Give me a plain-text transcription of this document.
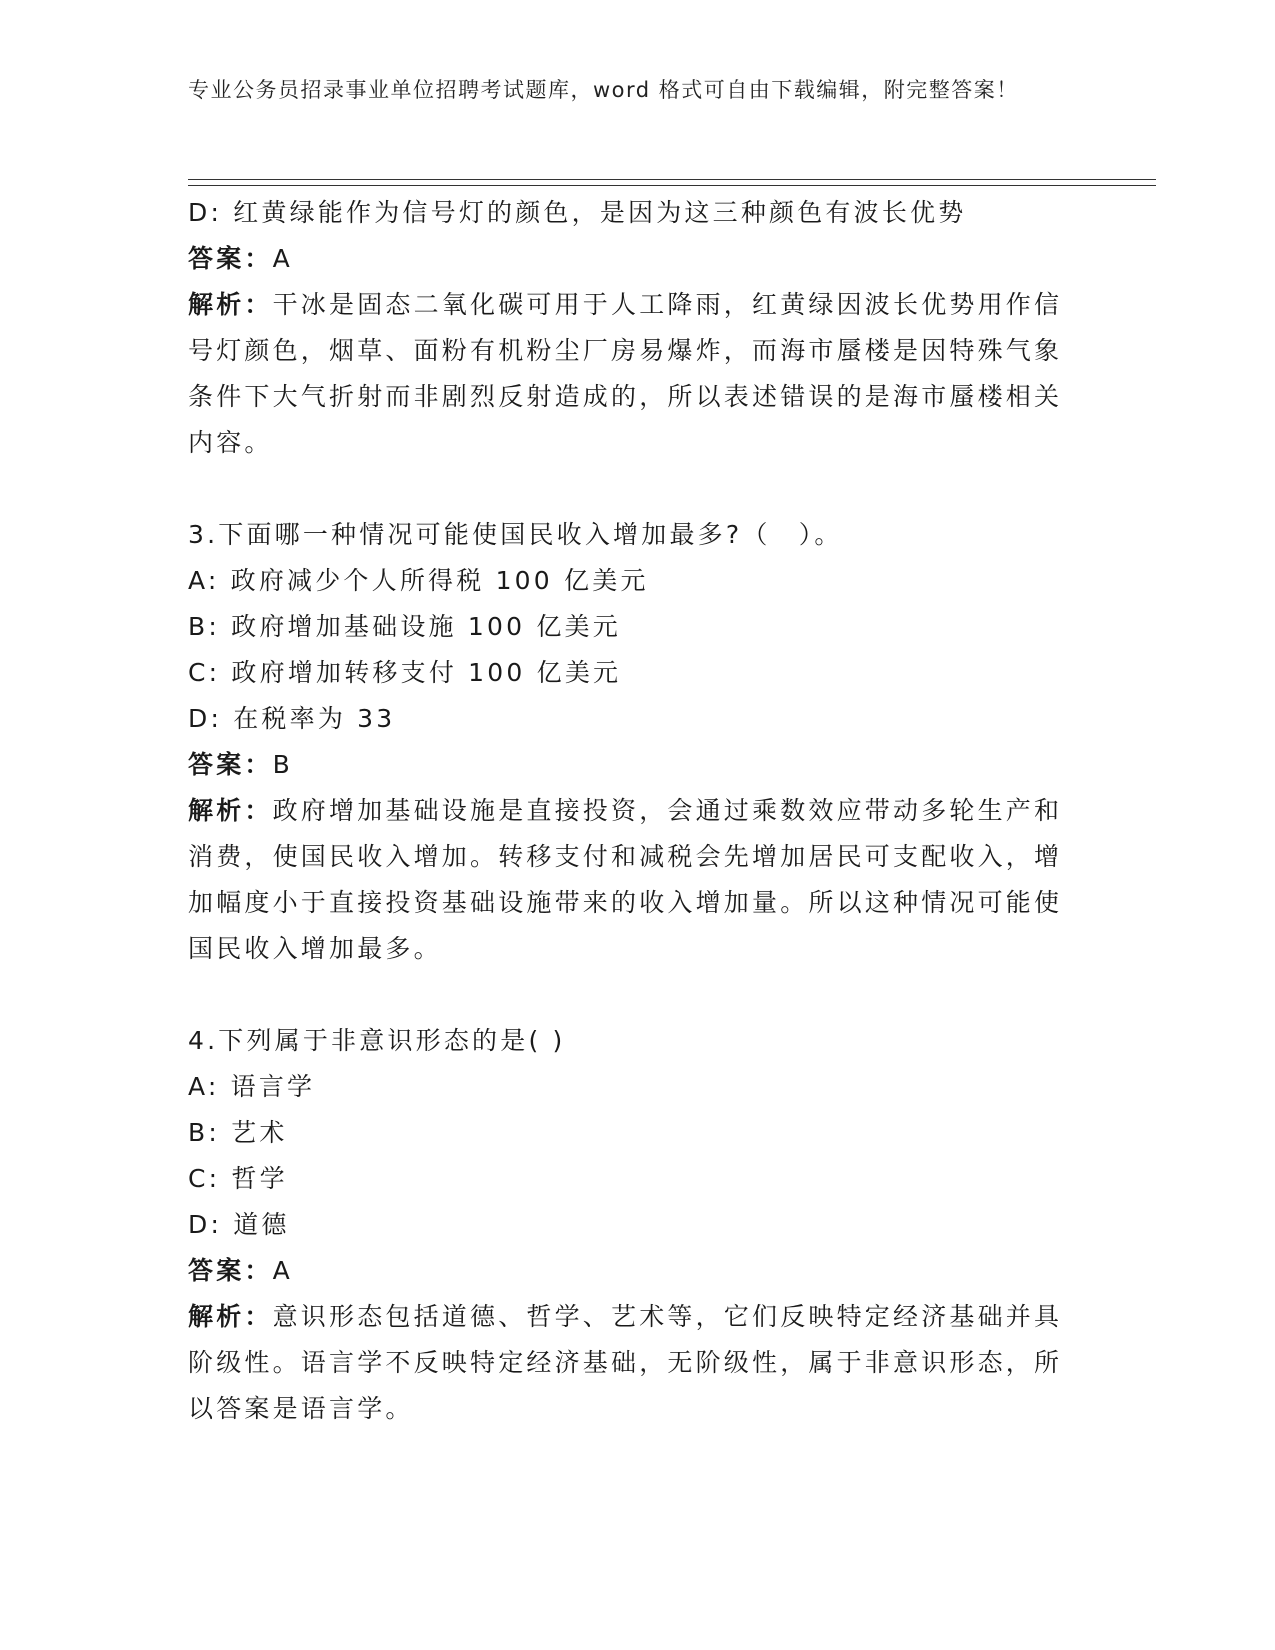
专业公务员招录事业单位招聘考试题库，word 格式可自由下载编辑，附完整答案！
D: 红黄绿能作为信号灯的颜色，是因为这三种颜色有波长优势
答案：A
解析：干冰是固态二氧化碳可用于人工降雨，红黄绿因波长优势用作信号灯颜色，烟草、面粉有机粉尘厂房易爆炸，而海市蜃楼是因特殊气象条件下大气折射而非剧烈反射造成的，所以表述错误的是海市蜃楼相关内容。
3.下面哪一种情况可能使国民收入增加最多?（　）。
A: 政府减少个人所得税 100 亿美元
B: 政府增加基础设施 100 亿美元
C: 政府增加转移支付 100 亿美元
D: 在税率为 33
答案：B
解析：政府增加基础设施是直接投资，会通过乘数效应带动多轮生产和消费，使国民收入增加。转移支付和减税会先增加居民可支配收入，增加幅度小于直接投资基础设施带来的收入增加量。所以这种情况可能使国民收入增加最多。
4.下列属于非意识形态的是( )
A: 语言学
B: 艺术
C: 哲学
D: 道德
答案：A
解析：意识形态包括道德、哲学、艺术等，它们反映特定经济基础并具阶级性。语言学不反映特定经济基础，无阶级性，属于非意识形态，所以答案是语言学。
